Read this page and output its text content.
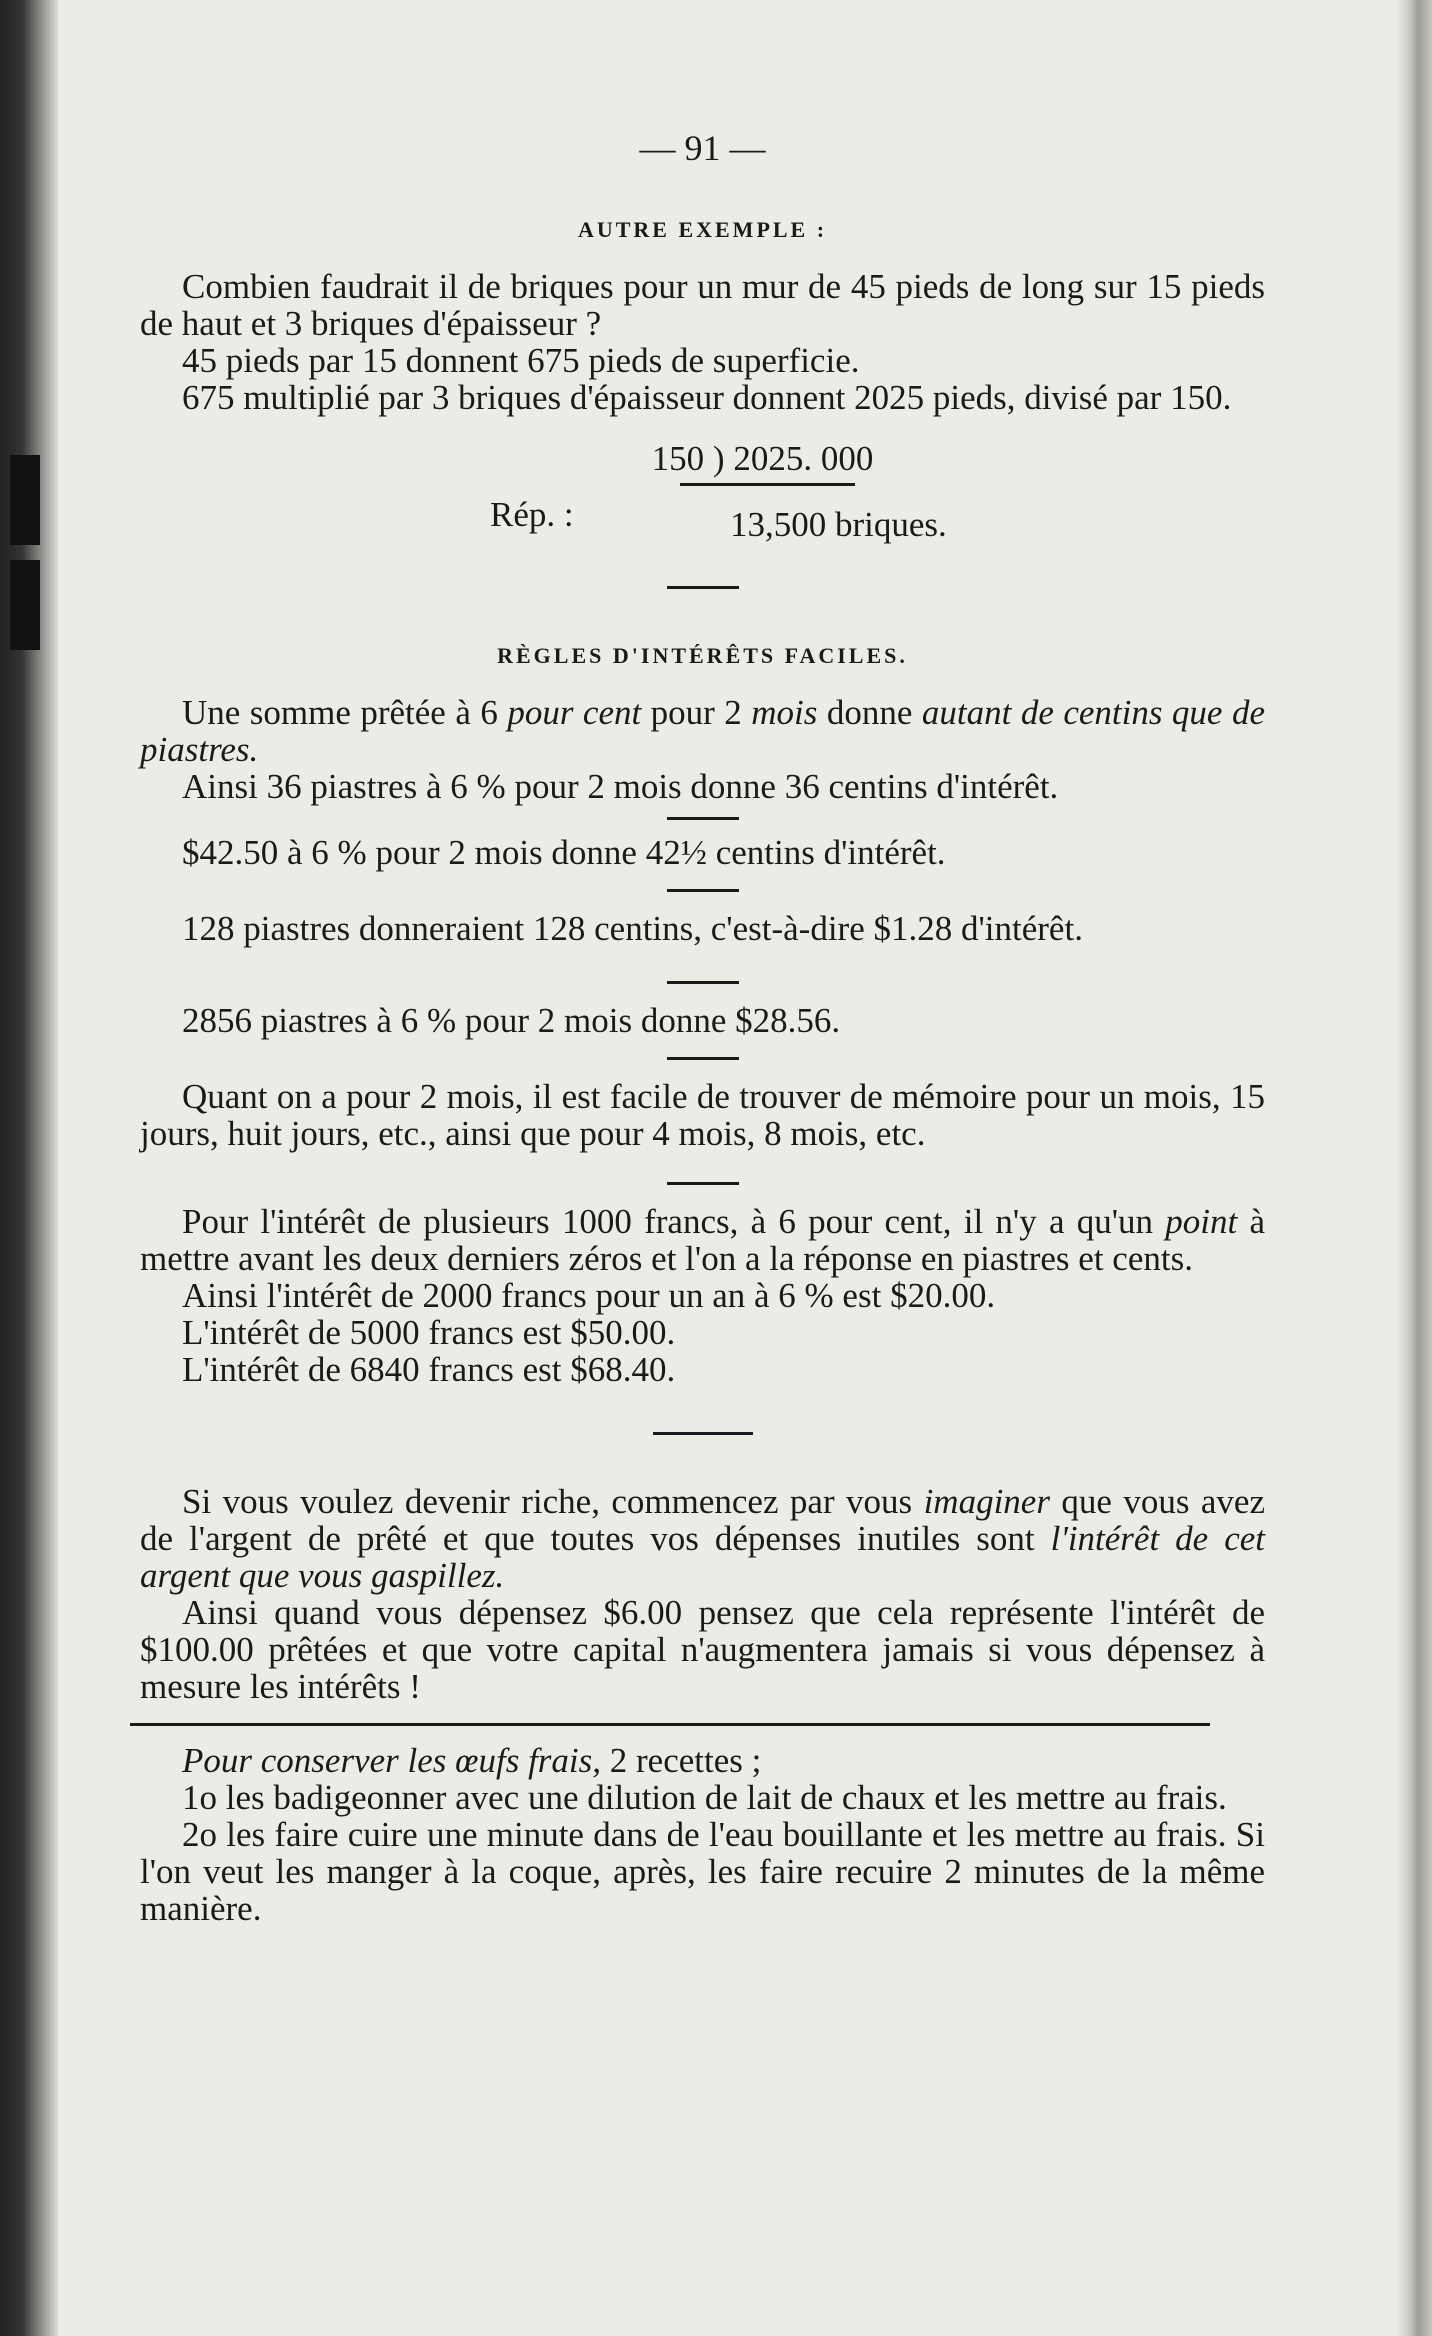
— 91 —
AUTRE EXEMPLE :

Combien faudrait il de briques pour un mur de 45 pieds de long sur 15 pieds de haut et 3 briques d'épaisseur ?

45 pieds par 15 donnent 675 pieds de superficie.

675 multiplié par 3 briques d'épaisseur donnent 2025 pieds, divisé par 150.

150 ) 2025. 000
Rép. :	13,500 briques.
RÈGLES D'INTÉRÊTS FACILES.

Une somme prêtée à 6 pour cent pour 2 mois donne autant de centins que de piastres.

Ainsi 36 piastres à 6 % pour 2 mois donne 36 centins d'intérêt.

$42.50 à 6 % pour 2 mois donne 42½ centins d'intérêt.

128 piastres donneraient 128 centins, c'est-à-dire $1.28 d'intérêt.

2856 piastres à 6 % pour 2 mois donne $28.56.

Quant on a pour 2 mois, il est facile de trouver de mémoire pour un mois, 15 jours, huit jours, etc., ainsi que pour 4 mois, 8 mois, etc.

Pour l'intérêt de plusieurs 1000 francs, à 6 pour cent, il n'y a qu'un point à mettre avant les deux derniers zéros et l'on a la réponse en piastres et cents.

Ainsi l'intérêt de 2000 francs pour un an à 6 % est $20.00.

L'intérêt de 5000 francs est $50.00.

L'intérêt de 6840 francs est $68.40.

Si vous voulez devenir riche, commencez par vous imaginer que vous avez de l'argent de prêté et que toutes vos dépenses inutiles sont l'intérêt de cet argent que vous gaspillez.

Ainsi quand vous dépensez $6.00 pensez que cela représente l'intérêt de $100.00 prêtées et que votre capital n'augmentera jamais si vous dépensez à mesure les intérêts !

Pour conserver les œufs frais, 2 recettes ;

1o les badigeonner avec une dilution de lait de chaux et les mettre au frais.

2o les faire cuire une minute dans de l'eau bouillante et les mettre au frais. Si l'on veut les manger à la coque, après, les faire recuire 2 minutes de la même manière.
